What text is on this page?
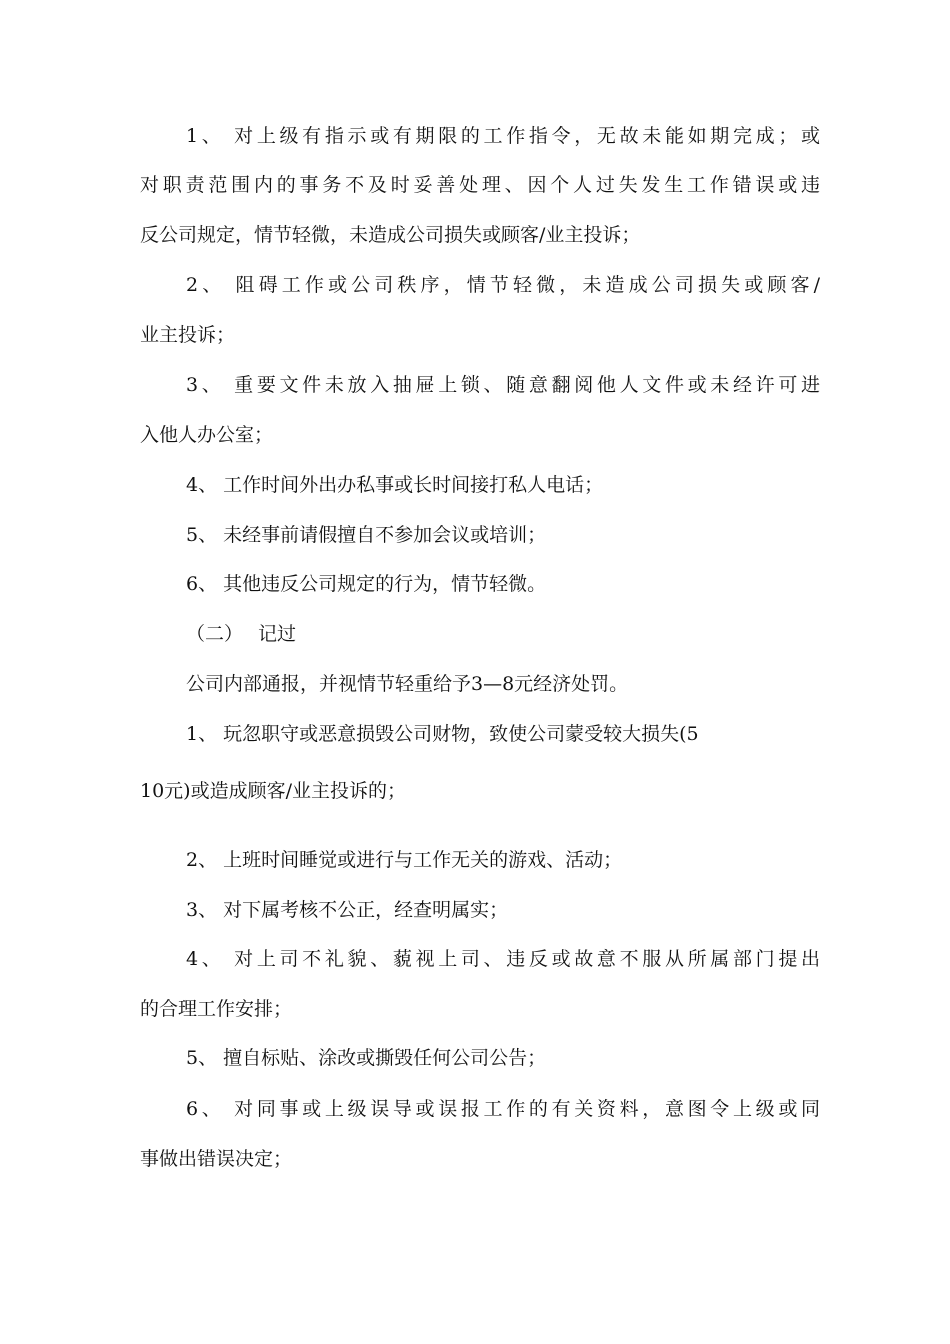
1、 对上级有指示或有期限的工作指令，无故未能如期完成；或
对职责范围内的事务不及时妥善处理、因个人过失发生工作错误或违
反公司规定，情节轻微，未造成公司损失或顾客/业主投诉；
2、 阻碍工作或公司秩序，情节轻微，未造成公司损失或顾客/
业主投诉；
3、 重要文件未放入抽屉上锁、随意翻阅他人文件或未经许可进
入他人办公室；
4、 工作时间外出办私事或长时间接打私人电话；
5、 未经事前请假擅自不参加会议或培训；
6、 其他违反公司规定的行为，情节轻微。
（二） 记过
公司内部通报，并视情节轻重给予3—8元经济处罚。
1、 玩忽职守或恶意损毁公司财物，致使公司蒙受较大损失(5
10元)或造成顾客/业主投诉的；
2、 上班时间睡觉或进行与工作无关的游戏、活动；
3、 对下属考核不公正，经查明属实；
4、 对上司不礼貌、藐视上司、违反或故意不服从所属部门提出
的合理工作安排；
5、 擅自标贴、涂改或撕毁任何公司公告；
6、 对同事或上级误导或误报工作的有关资料，意图令上级或同
事做出错误决定；
